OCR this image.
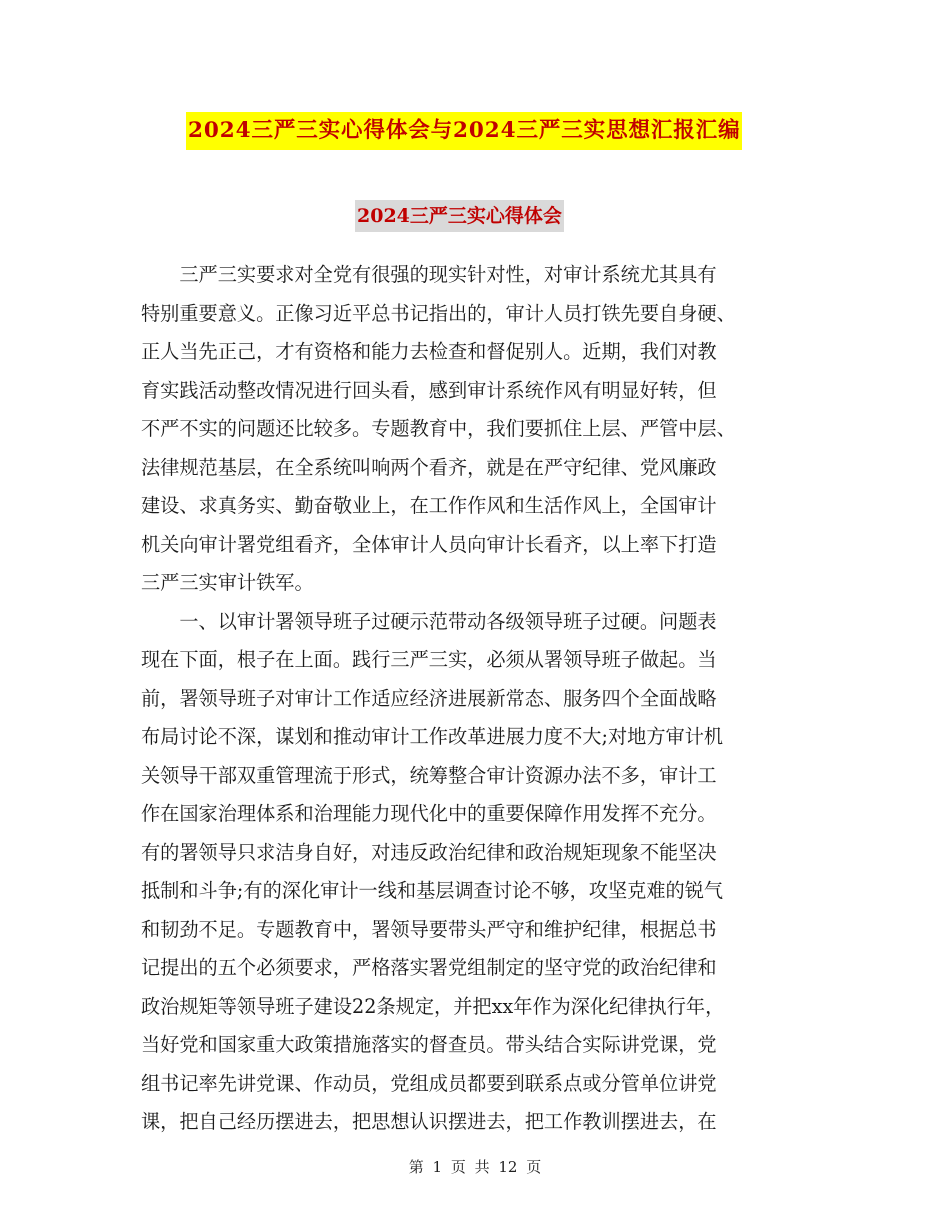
2024三严三实心得体会与2024三严三实思想汇报汇编
2024三严三实心得体会
　　三严三实要求对全党有很强的现实针对性，对审计系统尤其具有
特别重要意义。正像习近平总书记指出的，审计人员打铁先要自身硬、
正人当先正己，才有资格和能力去检查和督促别人。近期，我们对教
育实践活动整改情况进行回头看，感到审计系统作风有明显好转，但
不严不实的问题还比较多。专题教育中，我们要抓住上层、严管中层、
法律规范基层，在全系统叫响两个看齐，就是在严守纪律、党风廉政
建设、求真务实、勤奋敬业上，在工作作风和生活作风上，全国审计
机关向审计署党组看齐，全体审计人员向审计长看齐，以上率下打造
三严三实审计铁军。
　　一、以审计署领导班子过硬示范带动各级领导班子过硬。问题表
现在下面，根子在上面。践行三严三实，必须从署领导班子做起。当
前，署领导班子对审计工作适应经济进展新常态、服务四个全面战略
布局讨论不深，谋划和推动审计工作改革进展力度不大;对地方审计机
关领导干部双重管理流于形式，统筹整合审计资源办法不多，审计工
作在国家治理体系和治理能力现代化中的重要保障作用发挥不充分。
有的署领导只求洁身自好，对违反政治纪律和政治规矩现象不能坚决
抵制和斗争;有的深化审计一线和基层调查讨论不够，攻坚克难的锐气
和韧劲不足。专题教育中，署领导要带头严守和维护纪律，根据总书
记提出的五个必须要求，严格落实署党组制定的坚守党的政治纪律和
政治规矩等领导班子建设22条规定，并把xx年作为深化纪律执行年，
当好党和国家重大政策措施落实的督查员。带头结合实际讲党课，党
组书记率先讲党课、作动员，党组成员都要到联系点或分管单位讲党
课，把自己经历摆进去，把思想认识摆进去，把工作教训摆进去，在
第 1 页 共 12 页
